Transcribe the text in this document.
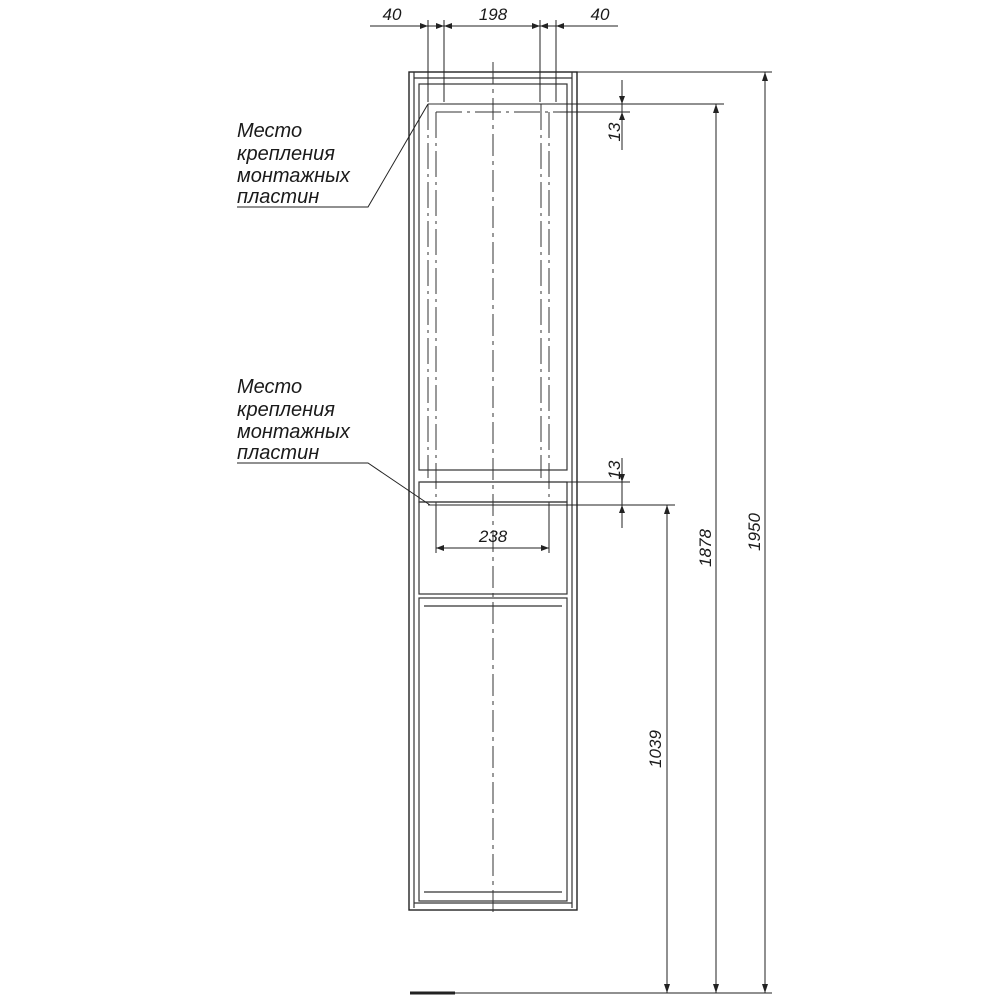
40	198	40
13
13
238
1039
1878 1950
Место
крепления
монтажных
пластин
Место
крепления
монтажных
пластин
